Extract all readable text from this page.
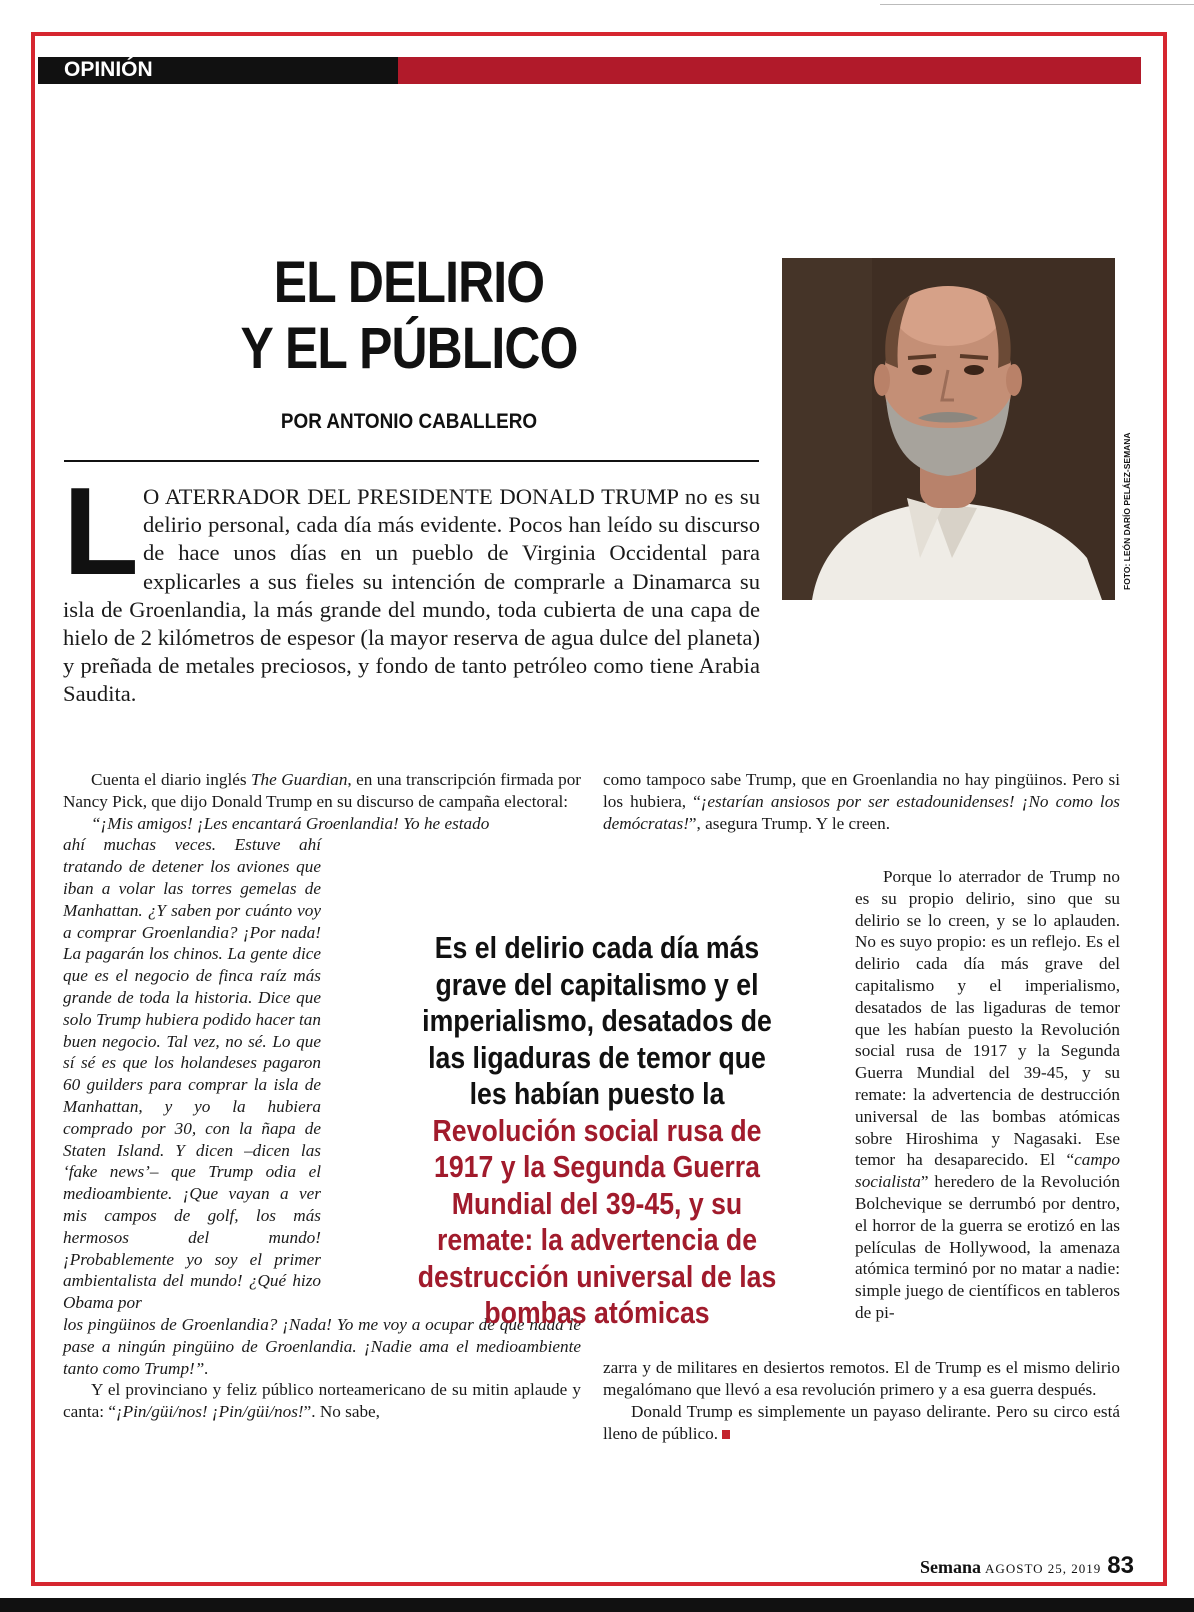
OPINIÓN
EL DELIRIO
Y EL PÚBLICO
POR ANTONIO CABALLERO
FOTO: LEÓN DARÍO PELÁEZ-SEMANA
L O ATERRADOR DEL PRESIDENTE DONALD TRUMP no es su delirio personal, cada día más evidente. Pocos han leído su discurso de hace unos días en un pueblo de Virginia Occidental para explicarles a sus fieles su intención de comprarle a Dinamarca su isla de Groenlandia, la más grande del mundo, toda cubierta de una capa de hielo de 2 kilómetros de espesor (la mayor reserva de agua dulce del planeta) y preñada de metales preciosos, y fondo de tanto petróleo como tiene Arabia Saudita.

Cuenta el diario inglés The Guardian, en una transcripción firmada por Nancy Pick, que dijo Donald Trump en su discurso de campaña electoral:

“¡Mis amigos! ¡Les encantará Groenlandia! Yo he estado

ahí muchas veces. Estuve ahí tratando de detener los aviones que iban a volar las torres gemelas de Manhattan. ¿Y saben por cuánto voy a comprar Groenlandia? ¡Por nada! La pagarán los chinos. La gente dice que es el negocio de finca raíz más grande de toda la historia. Dice que solo Trump hubiera podido hacer tan buen negocio. Tal vez, no sé. Lo que sí sé es que los holandeses pagaron 60 guilders para comprar la isla de Manhattan, y yo la hubiera comprado por 30, con la ñapa de Staten Island. Y dicen –dicen las ‘fake news’– que Trump odia el medioambiente. ¡Que vayan a ver mis campos de golf, los más hermosos del mundo! ¡Probablemente yo soy el primer ambientalista del mundo! ¿Qué hizo Obama por

los pingüinos de Groenlandia? ¡Nada! Yo me voy a ocupar de que nada le pase a ningún pingüino de Groenlandia. ¡Nadie ama el medioambiente tanto como Trump!”.

Y el provinciano y feliz público norteamericano de su mitin aplaude y canta: “¡Pin/güi/nos! ¡Pin/güi/nos!”. No sabe,

como tampoco sabe Trump, que en Groenlandia no hay pingüinos. Pero si los hubiera, “¡estarían ansiosos por ser estadounidenses! ¡No como los demócratas!”, asegura Trump. Y le creen.

zarra y de militares en desiertos remotos. El de Trump es el mismo delirio megalómano que llevó a esa revolución primero y a esa guerra después.

Donald Trump es simplemente un payaso delirante. Pero su circo está lleno de público.

Porque lo aterrador de Trump no es su propio delirio, sino que su delirio se lo creen, y se lo aplauden. No es suyo propio: es un reflejo. Es el delirio cada día más grave del capitalismo y el imperialismo, desatados de las ligaduras de temor que les habían puesto la Revolución social rusa de 1917 y la Segunda Guerra Mundial del 39-45, y su remate: la advertencia de destrucción universal de las bombas atómicas sobre Hiroshima y Nagasaki. Ese temor ha desaparecido. El “campo socialista” heredero de la Revolución Bolchevique se derrumbó por dentro, el horror de la guerra se erotizó en las películas de Hollywood, la amenaza atómica terminó por no matar a nadie: simple juego de científicos en tableros de pi-

Es el delirio cada día más grave del capitalismo y el imperialismo, desatados de las ligaduras de temor que les habían puesto la Revolución social rusa de 1917 y la Segunda Guerra Mundial del 39-45, y su remate: la advertencia de destrucción universal de las bombas atómicas

Semana AGOSTO 25, 2019 83
